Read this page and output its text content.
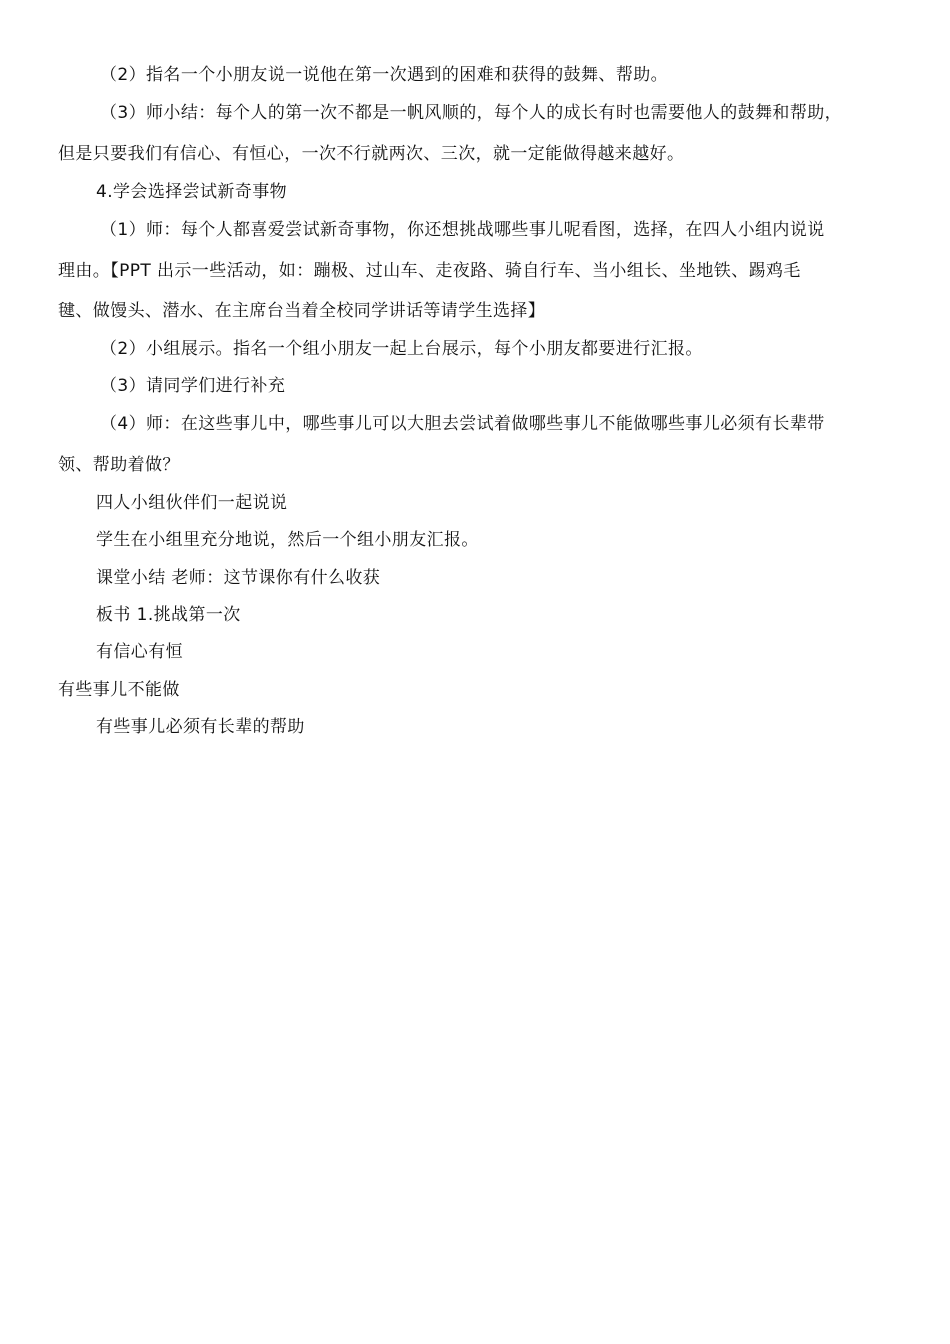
（2）指名一个小朋友说一说他在第一次遇到的困难和获得的鼓舞、帮助。
（3）师小结：每个人的第一次不都是一帆风顺的，每个人的成长有时也需要他人的鼓舞和帮助，
但是只要我们有信心、有恒心，一次不行就两次、三次，就一定能做得越来越好。
4.学会选择尝试新奇事物
（1）师：每个人都喜爱尝试新奇事物，你还想挑战哪些事儿呢看图，选择，在四人小组内说说
理由。【PPT 出示一些活动，如：蹦极、过山车、走夜路、骑自行车、当小组长、坐地铁、踢鸡毛
毽、做馒头、潜水、在主席台当着全校同学讲话等请学生选择】
（2）小组展示。指名一个组小朋友一起上台展示，每个小朋友都要进行汇报。
（3）请同学们进行补充
（4）师：在这些事儿中，哪些事儿可以大胆去尝试着做哪些事儿不能做哪些事儿必须有长辈带
领、帮助着做？
四人小组伙伴们一起说说
学生在小组里充分地说，然后一个组小朋友汇报。
课堂小结 老师：这节课你有什么收获
板书 1.挑战第一次
有信心有恒
有些事儿不能做
有些事儿必须有长辈的帮助
